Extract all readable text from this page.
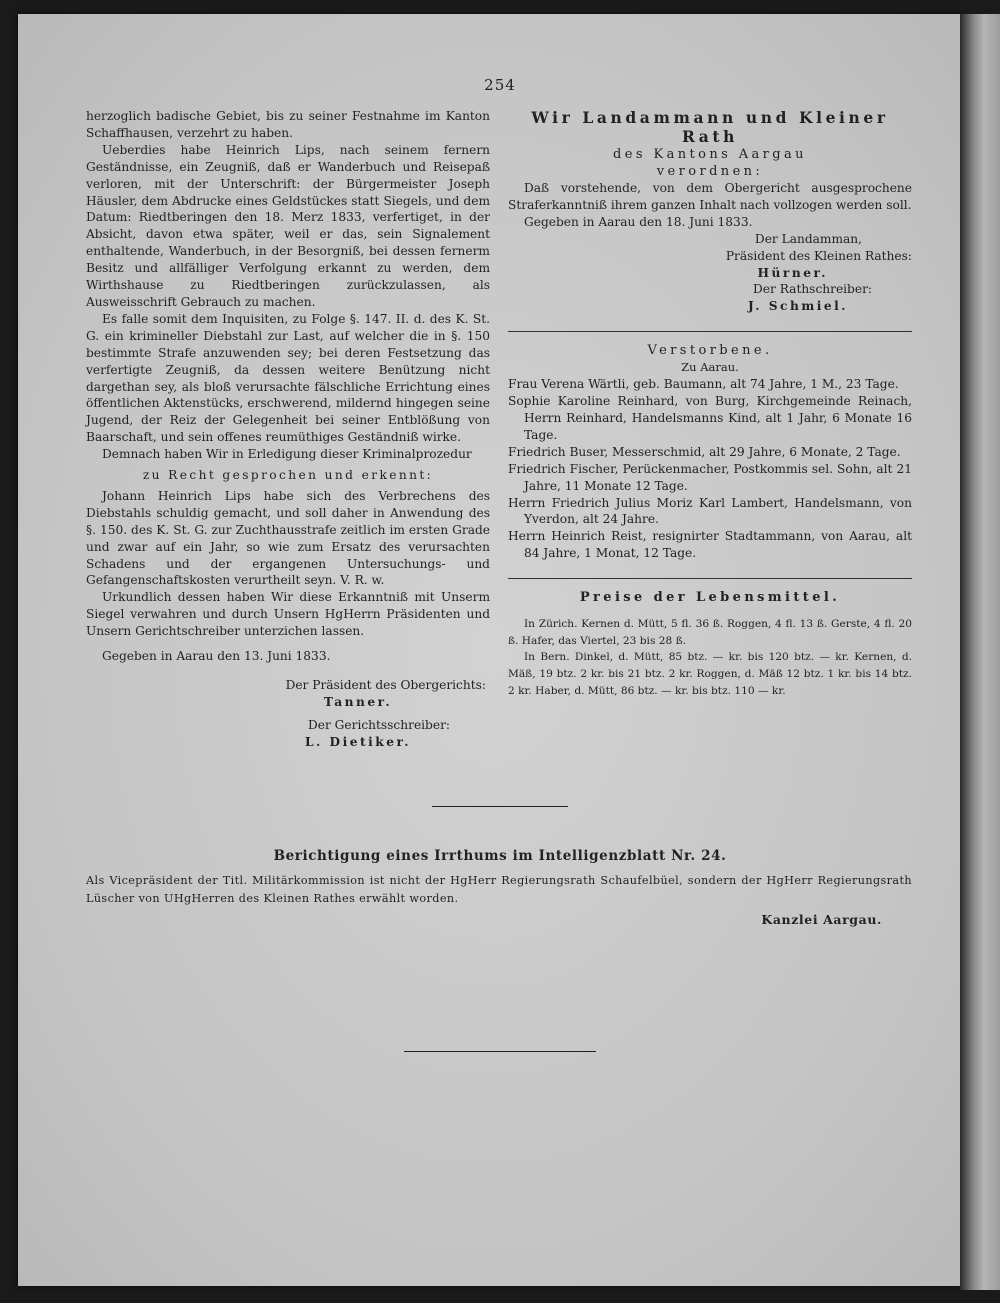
254

herzoglich badische Gebiet, bis zu seiner Festnahme im Kanton Schaffhausen, verzehrt zu haben.

Ueberdies habe Heinrich Lips, nach seinem fernern Geständnisse, ein Zeugniß, daß er Wanderbuch und Reisepaß verloren, mit der Unterschrift: der Bürgermeister Joseph Häusler, dem Abdrucke eines Geldstückes statt Siegels, und dem Datum: Riedtberingen den 18. Merz 1833, verfertiget, in der Absicht, davon etwa später, weil er das, sein Signalement enthaltende, Wanderbuch, in der Besorgniß, bei dessen fernerm Besitz und allfälliger Verfolgung erkannt zu werden, dem Wirthshause zu Riedtberingen zurückzulassen, als Ausweisschrift Gebrauch zu machen.

Es falle somit dem Inquisiten, zu Folge §. 147. II. d. des K. St. G. ein krimineller Diebstahl zur Last, auf welcher die in §. 150 bestimmte Strafe anzuwenden sey; bei deren Festsetzung das verfertigte Zeugniß, da dessen weitere Benützung nicht dargethan sey, als bloß verursachte fälschliche Errichtung eines öffentlichen Aktenstücks, erschwerend, mildernd hingegen seine Jugend, der Reiz der Gelegenheit bei seiner Entblößung von Baarschaft, und sein offenes reumüthiges Geständniß wirke.

Demnach haben Wir in Erledigung dieser Kriminalprozedur

zu Recht gesprochen und erkennt:

Johann Heinrich Lips habe sich des Verbrechens des Diebstahls schuldig gemacht, und soll daher in Anwendung des §. 150. des K. St. G. zur Zuchthausstrafe zeitlich im ersten Grade und zwar auf ein Jahr, so wie zum Ersatz des verursachten Schadens und der ergangenen Untersuchungs- und Gefangenschaftskosten verurtheilt seyn. V. R. w.

Urkundlich dessen haben Wir diese Erkanntniß mit Unserm Siegel verwahren und durch Unsern HgHerrn Präsidenten und Unsern Gerichtschreiber unterzichen lassen.

Gegeben in Aarau den 13. Juni 1833.

Der Präsident des Obergerichts:

Tanner.

Der Gerichtsschreiber:

L. Dietiker.

Wir Landammann und Kleiner Rath
des Kantons Aargau
verordnen:

Daß vorstehende, von dem Obergericht ausgesprochene Straferkanntniß ihrem ganzen Inhalt nach vollzogen werden soll.

Gegeben in Aarau den 18. Juni 1833.

Der Landamman,

Präsident des Kleinen Rathes:

Hürner.

Der Rathschreiber:

J. Schmiel.

Verstorbene.
Zu Aarau.

Frau Verena Wärtli, geb. Baumann, alt 74 Jahre, 1 M., 23 Tage.

Sophie Karoline Reinhard, von Burg, Kirchgemeinde Reinach, Herrn Reinhard, Handelsmanns Kind, alt 1 Jahr, 6 Monate 16 Tage.

Friedrich Buser, Messerschmid, alt 29 Jahre, 6 Monate, 2 Tage.

Friedrich Fischer, Perückenmacher, Postkommis sel. Sohn, alt 21 Jahre, 11 Monate 12 Tage.

Herrn Friedrich Julius Moriz Karl Lambert, Handelsmann, von Yverdon, alt 24 Jahre.

Herrn Heinrich Reist, resignirter Stadtammann, von Aarau, alt 84 Jahre, 1 Monat, 12 Tage.

Preise der Lebensmittel.

In Zürich. Kernen d. Mütt, 5 fl. 36 ß. Roggen, 4 fl. 13 ß. Gerste, 4 fl. 20 ß. Hafer, das Viertel, 23 bis 28 ß.

In Bern. Dinkel, d. Mütt, 85 btz. — kr. bis 120 btz. — kr. Kernen, d. Mäß, 19 btz. 2 kr. bis 21 btz. 2 kr. Roggen, d. Mäß 12 btz. 1 kr. bis 14 btz. 2 kr. Haber, d. Mütt, 86 btz. — kr. bis btz. 110 — kr.

Berichtigung eines Irrthums im Intelligenzblatt Nr. 24.
Als Vicepräsident der Titl. Militärkommission ist nicht der HgHerr Regierungsrath Schaufelbüel, sondern der HgHerr Regierungsrath Lüscher von UHgHerren des Kleinen Rathes erwählt worden.
Kanzlei Aargau.
